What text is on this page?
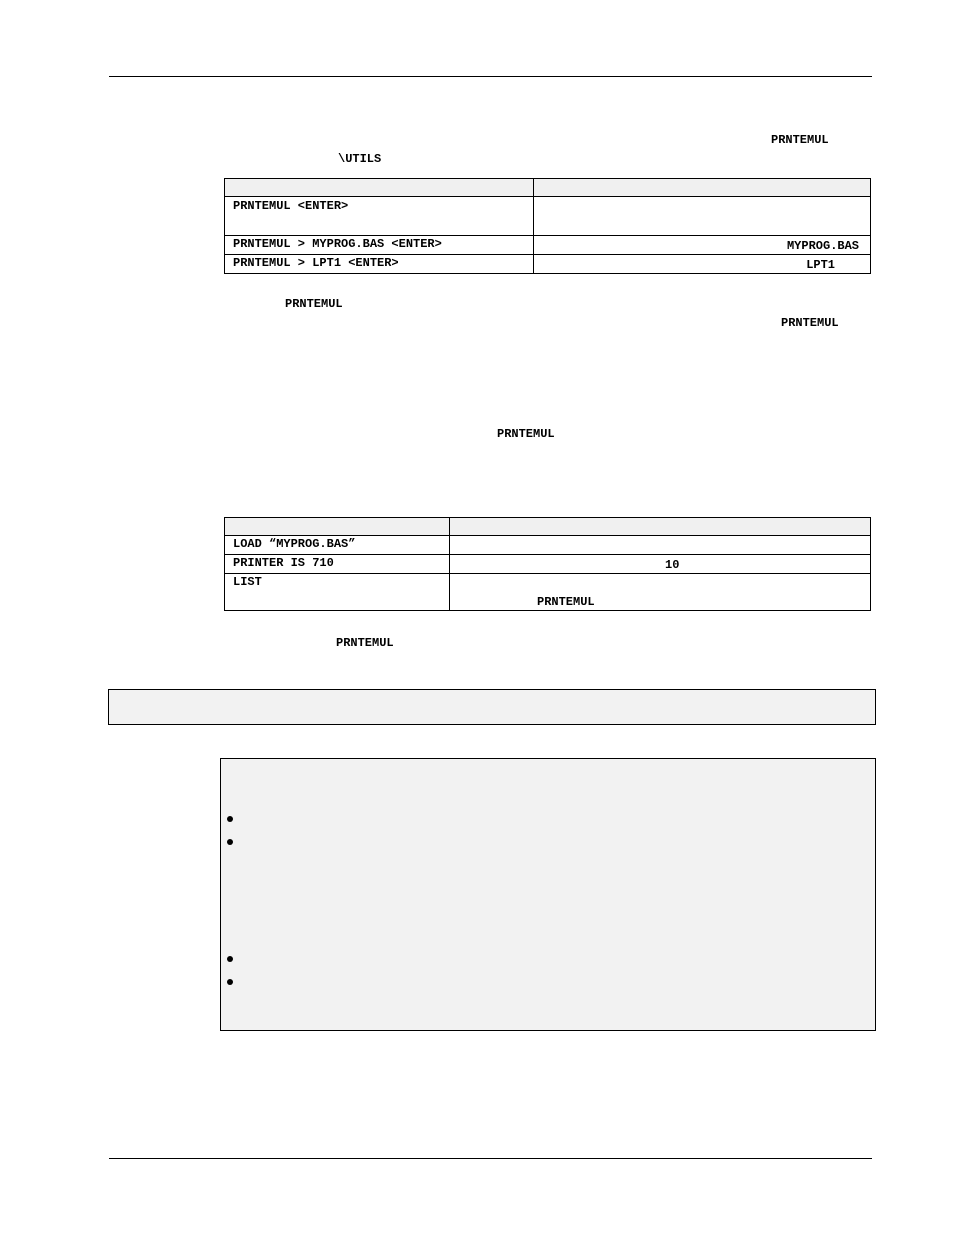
PRNTEMUL
\UTILS

PRNTEMUL <ENTER>	
PRNTEMUL > MYPROG.BAS <ENTER>	MYPROG.BAS
PRNTEMUL > LPT1 <ENTER>	LPT1
PRNTEMUL
PRNTEMUL
PRNTEMUL

LOAD “MYPROG.BAS”	
PRINTER IS 710	10
LIST	PRNTEMUL
PRNTEMUL
